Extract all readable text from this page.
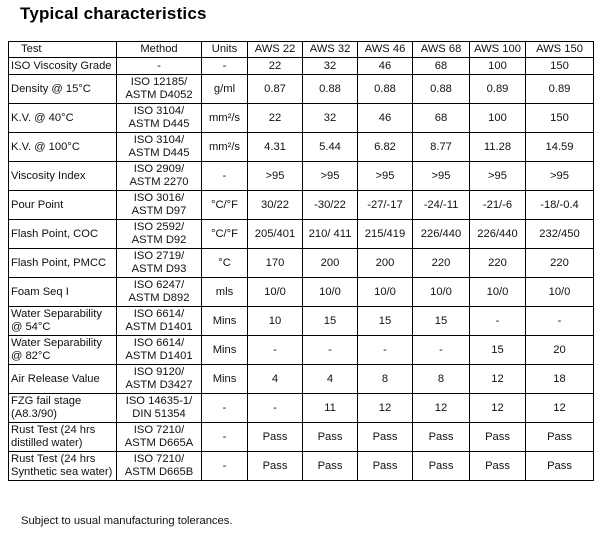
Typical characteristics
Test	Method	Units	AWS 22	AWS 32	AWS 46	AWS 68	AWS 100	AWS 150

ISO Viscosity Grade	-	-	22	32	46	68	100	150

Density @ 15°C	ISO 12185/
ASTM D4052	g/ml	0.87	0.88	0.88	0.88	0.89	0.89

K.V. @ 40°C	ISO 3104/
ASTM D445	mm²/s	22	32	46	68	100	150

K.V. @ 100°C	ISO 3104/
ASTM D445	mm²/s	4.31	5.44	6.82	8.77	11.28	14.59

Viscosity Index	ISO 2909/
ASTM 2270	-	>95	>95	>95	>95	>95	>95

Pour Point	ISO 3016/
ASTM D97	°C/°F	30/22	-30/22	-27/-17	-24/-11	-21/-6	-18/-0.4

Flash Point, COC	ISO 2592/
ASTM D92	°C/°F	205/401	210/ 411	215/419	226/440	226/440	232/450

Flash Point, PMCC	ISO 2719/
ASTM D93	°C	170	200	200	220	220	220

Foam Seq I	ISO 6247/
ASTM D892	mls	10/0	10/0	10/0	10/0	10/0	10/0

Water Separability
@ 54°C	ISO 6614/
ASTM D1401	Mins	10	15	15	15	-	-

Water Separability
@ 82°C	ISO 6614/
ASTM D1401	Mins	-	-	-	-	15	20

Air Release Value	ISO 9120/
ASTM D3427	Mins	4	4	8	8	12	18

FZG fail stage
(A8.3/90)	ISO 14635-1/
DIN 51354	-	-	11	12	12	12	12

Rust Test (24 hrs
distilled water)	ISO 7210/
ASTM D665A	-	Pass	Pass	Pass	Pass	Pass	Pass

Rust Test (24 hrs
Synthetic sea water)	ISO 7210/
ASTM D665B	-	Pass	Pass	Pass	Pass	Pass	Pass
Subject to usual manufacturing tolerances.
